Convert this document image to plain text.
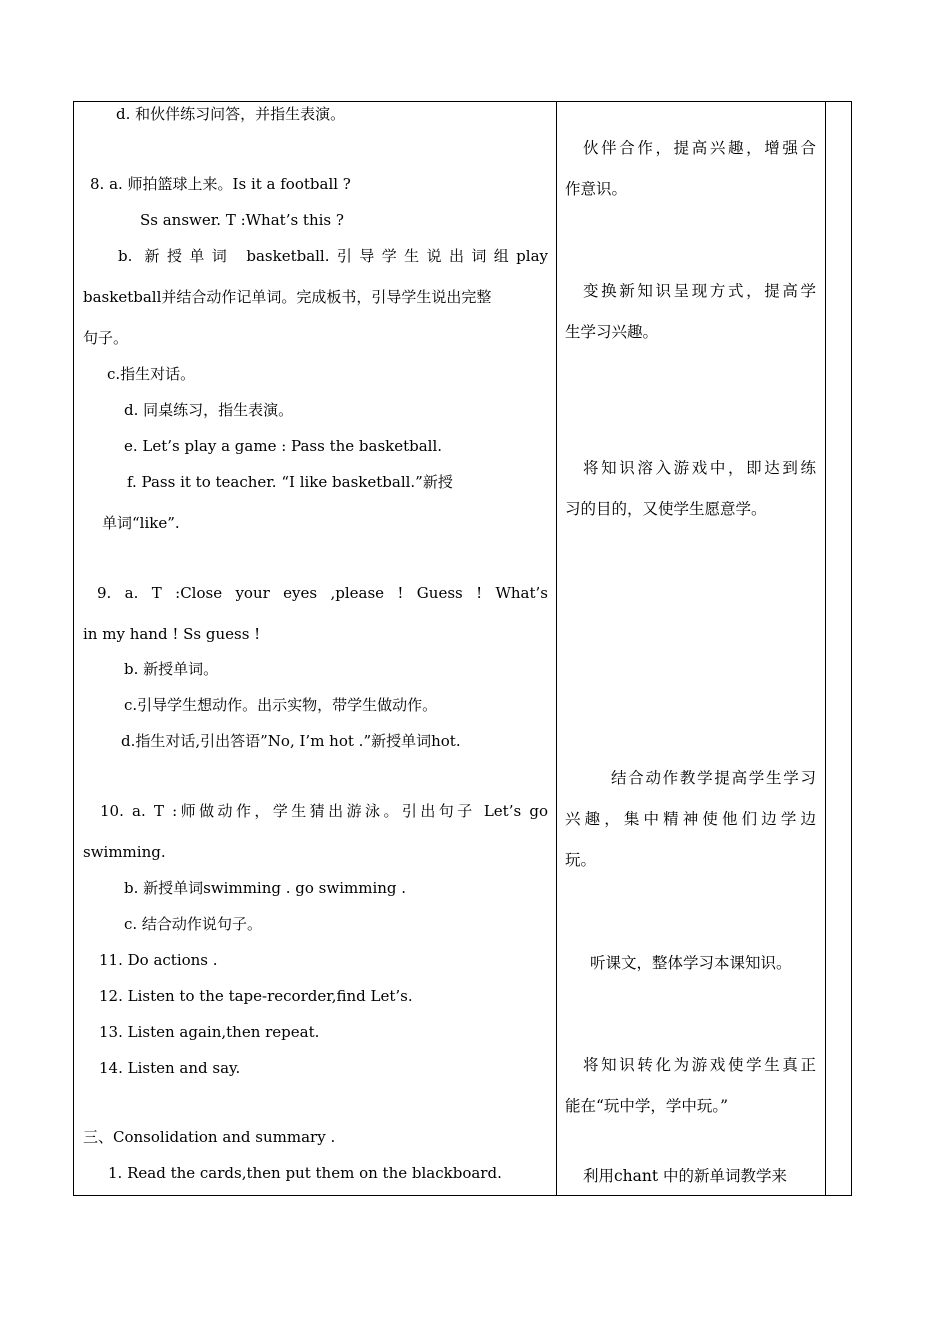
d. 和伙伴练习问答，并指生表演。
8. a. 师拍篮球上来。Is it a football ?
Ss answer. T :What’s this ?
b. 新授单词 basketball.引导学生说出词组play
basketball并结合动作记单词。完成板书，引导学生说出完整
句子。
c.指生对话。
d. 同桌练习，指生表演。
e. Let’s play a game : Pass the basketball.
f. Pass it to teacher. “I like basketball.”新授
单词“like”.
9. a. T :Close your eyes ,please ! Guess ! What’s
in my hand ! Ss guess !
b. 新授单词。
c.引导学生想动作。出示实物，带学生做动作。
d.指生对话,引出答语”No, I’m hot .”新授单词hot.
10. a. T :师做动作，学生猜出游泳。引出句子 Let’s go
swimming.
b. 新授单词swimming . go swimming .
c. 结合动作说句子。
11. Do actions .
12. Listen to the tape-recorder,find Let’s.
13. Listen again,then repeat.
14. Listen and say.
三、Consolidation and summary .
1. Read the cards,then put them on the blackboard.
伙伴合作，提高兴趣，增强合
作意识。
变换新知识呈现方式，提高学
生学习兴趣。
将知识溶入游戏中，即达到练
习的目的，又使学生愿意学。
结合动作教学提高学生学习
兴趣，集中精神使他们边学边
玩。
听课文，整体学习本课知识。
将知识转化为游戏使学生真正
能在“玩中学，学中玩。”
利用chant 中的新单词教学来
